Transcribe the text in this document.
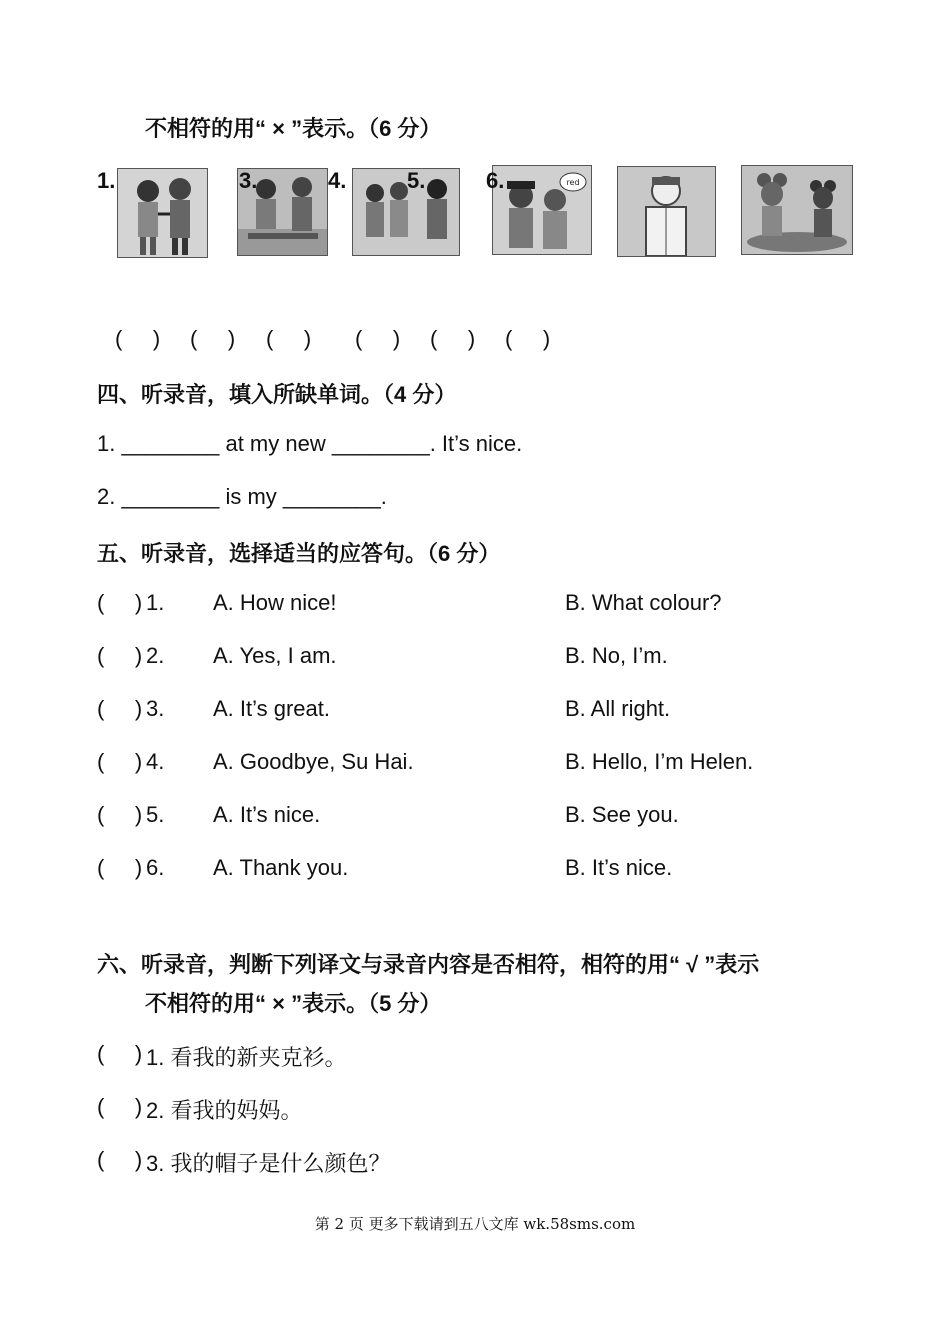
不相符的用“ × ”表示。（6 分）
red
1.	3.	4.	5.	6.
(     ) (     ) (     ) (     ) (     ) (     )
四、听录音，填入所缺单词。（4 分）
1. ________ at my new ________. It’s nice.
2. ________ is my ________.
五、听录音，选择适当的应答句。（6 分）
(     ) 1. A. How nice!	B. What colour?
(     ) 2. A. Yes, I am.	B. No, I’m.
(     ) 3. A. It’s great.	B. All right.
(     ) 4. A. Goodbye, Su Hai.	B. Hello, I’m Helen.
(     ) 5. A. It’s nice.	B. See you.
(     ) 6. A. Thank you.	B. It’s nice.
六、听录音，判断下列译文与录音内容是否相符，相符的用“ √ ”表示
不相符的用“ × ”表示。（5 分）
(     ) 1. 看我的新夹克衫。
(     ) 2. 看我的妈妈。
(     ) 3. 我的帽子是什么颜色？
第 2 页 更多下载请到五八文库 wk.58sms.com
